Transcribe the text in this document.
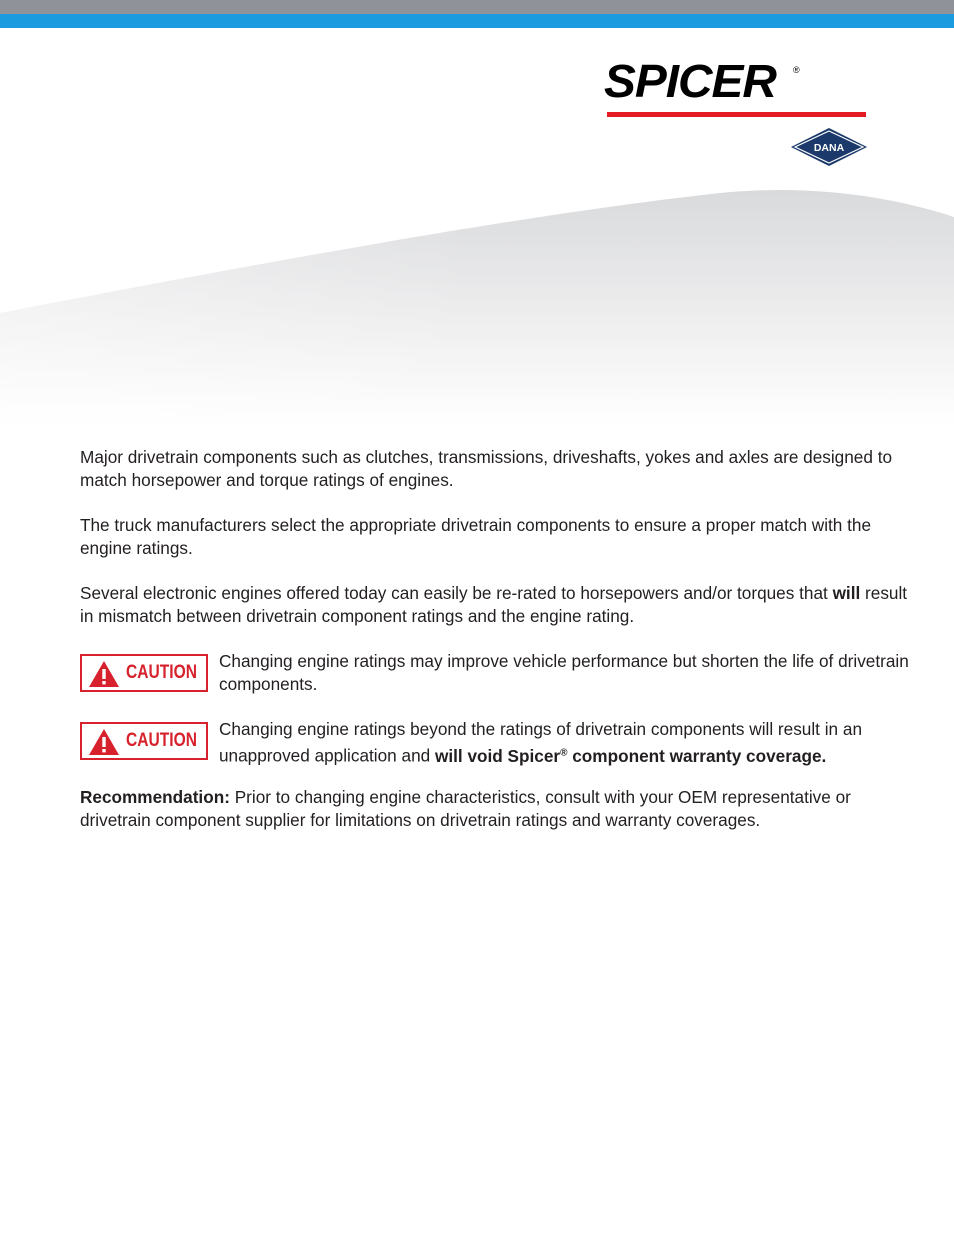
SPICER ®
DANA

Major drivetrain components such as clutches, transmissions, driveshafts, yokes and axles are designed to match horsepower and torque ratings of engines.

The truck manufacturers select the appropriate drivetrain components to ensure a proper match with the engine ratings.

Several electronic engines offered today can easily be re-rated to horsepowers and/or torques that will result in mismatch between drivetrain component ratings and the engine rating.

CAUTION
Changing engine ratings may improve vehicle performance but shorten the life of drivetrain components.
CAUTION
Changing engine ratings beyond the ratings of drivetrain components will result in an unapproved application and will void Spicer® component warranty coverage.

Recommendation: Prior to changing engine characteristics, consult with your OEM representative or drivetrain component supplier for limitations on drivetrain ratings and warranty coverages.
